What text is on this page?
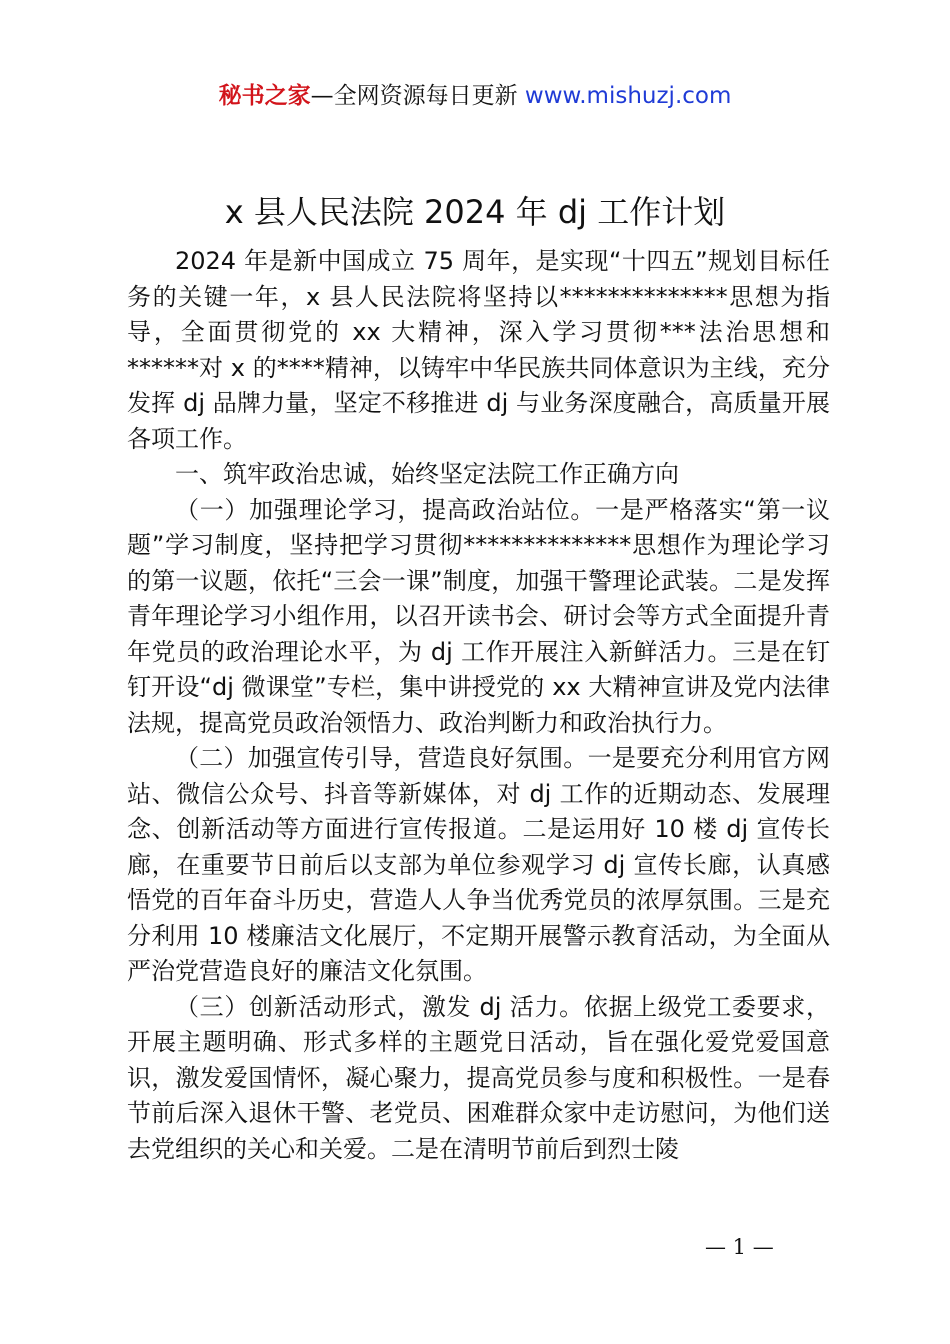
秘书之家—全网资源每日更新 www.mishuzj.com
x 县人民法院 2024 年 dj 工作计划

2024 年是新中国成立 75 周年，是实现“十四五”规划目标任务的关键一年，x 县人民法院将坚持以**************思想为指导，全面贯彻党的 xx 大精神，深入学习贯彻***法治思想和******对 x 的****精神，以铸牢中华民族共同体意识为主线，充分发挥 dj 品牌力量，坚定不移推进 dj 与业务深度融合，高质量开展各项工作。

一、筑牢政治忠诚，始终坚定法院工作正确方向

（一）加强理论学习，提高政治站位。一是严格落实“第一议题”学习制度，坚持把学习贯彻**************思想作为理论学习的第一议题，依托“三会一课”制度，加强干警理论武装。二是发挥青年理论学习小组作用，以召开读书会、研讨会等方式全面提升青年党员的政治理论水平，为 dj 工作开展注入新鲜活力。三是在钉钉开设“dj 微课堂”专栏，集中讲授党的 xx 大精神宣讲及党内法律法规，提高党员政治领悟力、政治判断力和政治执行力。

（二）加强宣传引导，营造良好氛围。一是要充分利用官方网站、微信公众号、抖音等新媒体，对 dj 工作的近期动态、发展理念、创新活动等方面进行宣传报道。二是运用好 10 楼 dj 宣传长廊，在重要节日前后以支部为单位参观学习 dj 宣传长廊，认真感悟党的百年奋斗历史，营造人人争当优秀党员的浓厚氛围。三是充分利用 10 楼廉洁文化展厅，不定期开展警示教育活动，为全面从严治党营造良好的廉洁文化氛围。

（三）创新活动形式，激发 dj 活力。依据上级党工委要求，开展主题明确、形式多样的主题党日活动，旨在强化爱党爱国意识，激发爱国情怀，凝心聚力，提高党员参与度和积极性。一是春节前后深入退休干警、老党员、困难群众家中走访慰问，为他们送去党组织的关心和关爱。二是在清明节前后到烈士陵

— 1 —
